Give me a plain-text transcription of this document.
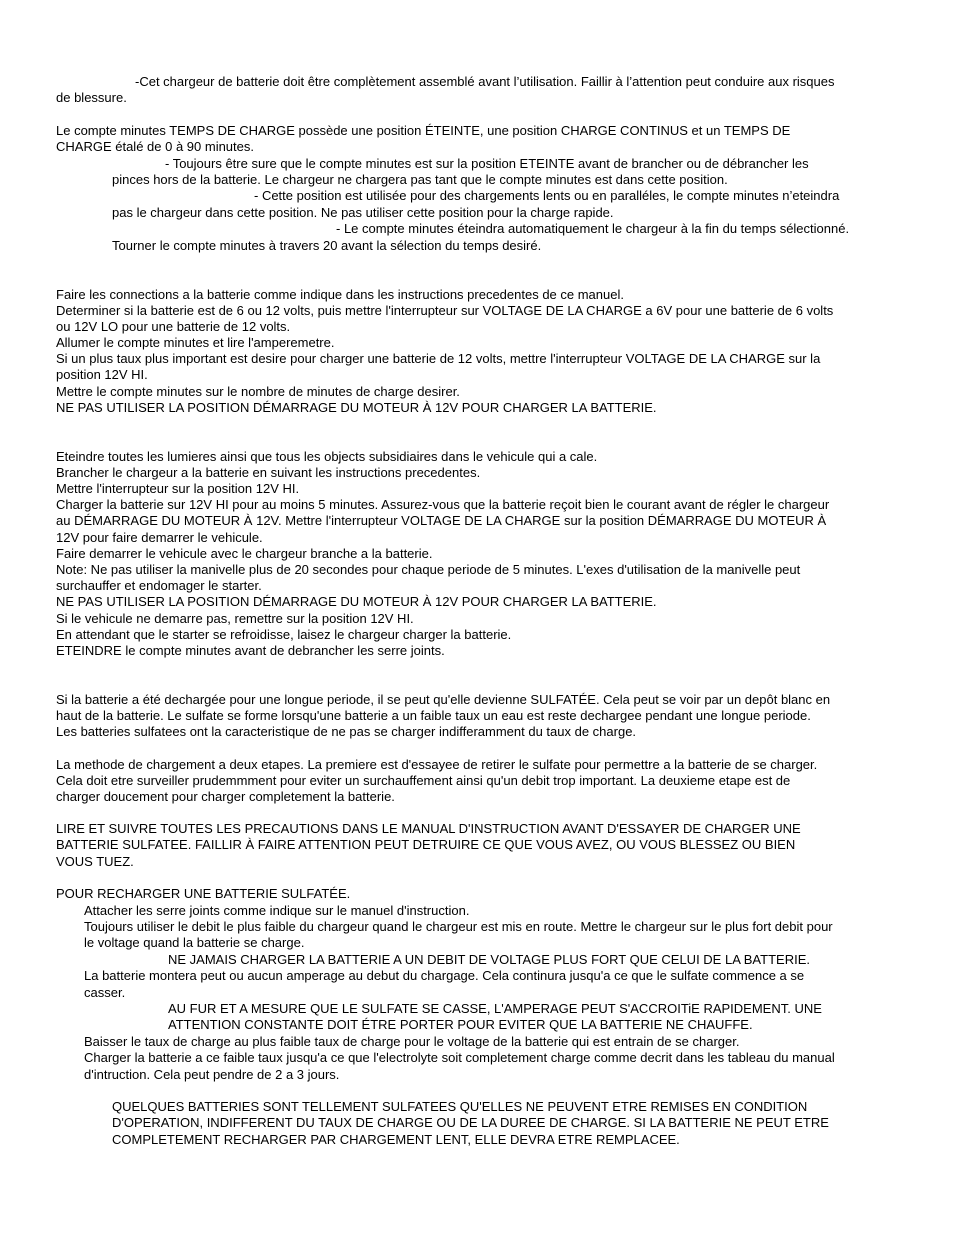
-Cet chargeur de batterie doit être complètement assemblé avant l’utilisation. Faillir à l’attention peut conduire aux risques
de blessure.
Le compte minutes TEMPS DE CHARGE possède une position ÉTEINTE, une position CHARGE CONTINUS et un TEMPS DE
CHARGE étalé de 0 à 90 minutes.
- Toujours être sure que le compte minutes est sur la position ETEINTE avant de brancher ou de débrancher les
pinces hors de la batterie. Le chargeur ne chargera pas tant que le compte minutes est dans cette position.
- Cette position est utilisée pour des chargements lents ou en paralléles, le compte minutes n’eteindra
pas le chargeur dans cette position. Ne pas utiliser cette position pour la charge rapide.
- Le compte minutes éteindra automatiquement le chargeur à la fin du temps sélectionné.
Tourner le compte minutes à travers 20 avant la sélection du temps desiré.
Faire les connections a la batterie comme indique dans les instructions precedentes de ce manuel.
Determiner si la batterie est de 6 ou 12 volts, puis mettre l'interrupteur sur VOLTAGE DE LA CHARGE a 6V pour une batterie de 6 volts
ou 12V LO pour une batterie de 12 volts.
Allumer le compte minutes et lire l'amperemetre.
Si un plus taux plus important est desire pour charger une batterie de 12 volts, mettre l'interrupteur VOLTAGE DE LA CHARGE sur la
position 12V HI.
Mettre le compte minutes sur le nombre de minutes de charge desirer.
NE PAS UTILISER LA POSITION DÉMARRAGE DU MOTEUR À 12V POUR CHARGER LA BATTERIE.
Eteindre toutes les lumieres ainsi que tous les objects subsidiaires dans le vehicule qui a cale.
Brancher le chargeur a la batterie en suivant les instructions precedentes.
Mettre l'interrupteur sur la position 12V HI.
Charger la batterie sur 12V HI pour au moins 5 minutes. Assurez-vous que la batterie reçoit bien le courant avant de régler le chargeur
au DÉMARRAGE DU MOTEUR À 12V. Mettre l'interrupteur VOLTAGE DE LA CHARGE sur la position DÉMARRAGE DU MOTEUR À
12V pour faire demarrer le vehicule.
Faire demarrer le vehicule avec le chargeur branche a la batterie.
Note: Ne pas utiliser la manivelle plus de 20 secondes pour chaque periode de 5 minutes. L'exes d'utilisation de la manivelle peut
surchauffer et endomager le starter.
NE PAS UTILISER LA POSITION DÉMARRAGE DU MOTEUR À 12V POUR CHARGER LA BATTERIE.
Si le vehicule ne demarre pas, remettre sur la position 12V HI.
En attendant que le starter se refroidisse, laisez le chargeur charger la batterie.
ETEINDRE le compte minutes avant de debrancher les serre joints.
Si la batterie a été dechargée pour une longue periode, il se peut qu'elle devienne SULFATÉE. Cela peut se voir par un depôt blanc en
haut de la batterie. Le sulfate se forme lorsqu'une batterie a un faible taux un eau est reste dechargee pendant une longue periode.
Les batteries sulfatees ont la caracteristique de ne pas se charger indifferamment du taux de charge.
La methode de chargement a deux etapes. La premiere est d'essayee de retirer le sulfate pour permettre a la batterie de se charger.
Cela doit etre surveiller prudemmment pour eviter un surchauffement ainsi qu'un debit trop important. La deuxieme etape est de
charger doucement pour charger completement la batterie.
LIRE ET SUIVRE TOUTES LES PRECAUTIONS DANS LE MANUAL D'INSTRUCTION AVANT D'ESSAYER DE CHARGER UNE
BATTERIE SULFATEE. FAILLIR À FAIRE ATTENTION PEUT DETRUIRE CE QUE VOUS AVEZ, OU VOUS BLESSEZ OU BIEN
VOUS TUEZ.
POUR RECHARGER UNE BATTERIE SULFATÉE.
Attacher les serre joints comme indique sur le manuel d'instruction.
Toujours utiliser le debit le plus faible du chargeur quand le chargeur est mis en route. Mettre le chargeur sur le plus fort debit pour
le voltage quand la batterie se charge.
NE JAMAIS CHARGER LA BATTERIE A UN DEBIT DE VOLTAGE PLUS FORT QUE CELUI DE LA BATTERIE.
La batterie montera peut ou aucun amperage au debut du chargage. Cela continura jusqu'a ce que le sulfate commence a se
casser.
AU FUR ET A MESURE QUE LE SULFATE SE CASSE, L'AMPERAGE PEUT S'ACCROITiE RAPIDEMENT. UNE
ATTENTION CONSTANTE DOIT ÉTRE PORTER POUR EVITER QUE LA BATTERIE NE CHAUFFE.
Baisser le taux de charge au plus faible taux de charge pour le voltage de la batterie qui est entrain de se charger.
Charger la batterie a ce faible taux jusqu'a ce que l'electrolyte soit completement charge comme decrit dans les tableau du manual
d'intruction. Cela peut pendre de 2 a 3 jours.
QUELQUES BATTERIES SONT TELLEMENT SULFATEES QU'ELLES NE PEUVENT ETRE REMISES EN CONDITION
D'OPERATION, INDIFFERENT DU TAUX DE CHARGE OU DE LA DUREE DE CHARGE. SI LA BATTERIE NE PEUT ETRE
COMPLETEMENT RECHARGER PAR CHARGEMENT LENT, ELLE DEVRA ETRE REMPLACEE.
